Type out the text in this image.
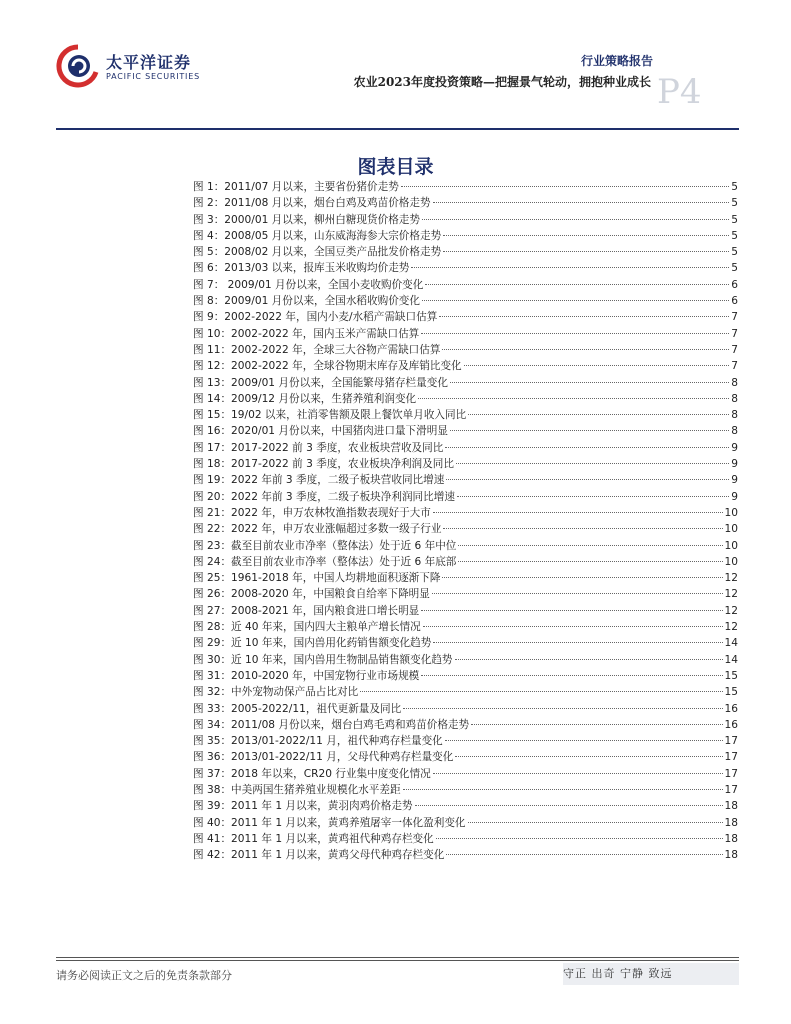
太平洋证券
PACIFIC SECURITIES
行业策略报告
农业2023年度投资策略—把握景气轮动，拥抱种业成长 P4
图表目录
图 1：2011/07 月以来，主要省份猪价走势	5
图 2：2011/08 月以来，烟台白鸡及鸡苗价格走势	5
图 3：2000/01 月以来，柳州白糖现货价格走势	5
图 4：2008/05 月以来，山东威海海参大宗价格走势	5
图 5：2008/02 月以来，全国豆类产品批发价格走势	5
图 6：2013/03 以来，报库玉米收购均价走势	5
图 7： 2009/01 月份以来，全国小麦收购价变化	6
图 8：2009/01 月份以来，全国水稻收购价变化	6
图 9：2002-2022 年，国内小麦/水稻产需缺口估算	7
图 10：2002-2022 年，国内玉米产需缺口估算	7
图 11：2002-2022 年，全球三大谷物产需缺口估算	7
图 12：2002-2022 年，全球谷物期末库存及库销比变化	7
图 13：2009/01 月份以来，全国能繁母猪存栏量变化	8
图 14：2009/12 月份以来，生猪养殖利润变化	8
图 15：19/02 以来，社消零售额及限上餐饮单月收入同比	8
图 16：2020/01 月份以来，中国猪肉进口量下滑明显	8
图 17：2017-2022 前 3 季度，农业板块营收及同比	9
图 18：2017-2022 前 3 季度，农业板块净利润及同比	9
图 19：2022 年前 3 季度，二级子板块营收同比增速	9
图 20：2022 年前 3 季度，二级子板块净利润同比增速	9
图 21：2022 年，申万农林牧渔指数表现好于大市	10
图 22：2022 年，申万农业涨幅超过多数一级子行业	10
图 23：截至目前农业市净率（整体法）处于近 6 年中位	10
图 24：截至目前农业市净率（整体法）处于近 6 年底部	10
图 25：1961-2018 年，中国人均耕地面积逐渐下降	12
图 26：2008-2020 年，中国粮食自给率下降明显	12
图 27：2008-2021 年，国内粮食进口增长明显	12
图 28：近 40 年来，国内四大主粮单产增长情况	12
图 29：近 10 年来，国内兽用化药销售额变化趋势	14
图 30：近 10 年来，国内兽用生物制品销售额变化趋势	14
图 31：2010-2020 年，中国宠物行业市场规模	15
图 32：中外宠物动保产品占比对比	15
图 33：2005-2022/11，祖代更新量及同比	16
图 34：2011/08 月份以来，烟台白鸡毛鸡和鸡苗价格走势	16
图 35：2013/01-2022/11 月，祖代种鸡存栏量变化	17
图 36：2013/01-2022/11 月，父母代种鸡存栏量变化	17
图 37：2018 年以来，CR20 行业集中度变化情况	17
图 38：中美两国生猪养殖业规模化水平差距	17
图 39：2011 年 1 月以来，黄羽肉鸡价格走势	18
图 40：2011 年 1 月以来，黄鸡养殖屠宰一体化盈利变化	18
图 41：2011 年 1 月以来，黄鸡祖代种鸡存栏变化	18
图 42：2011 年 1 月以来，黄鸡父母代种鸡存栏变化	18
请务必阅读正文之后的免责条款部分	守正 出奇 宁静 致远
